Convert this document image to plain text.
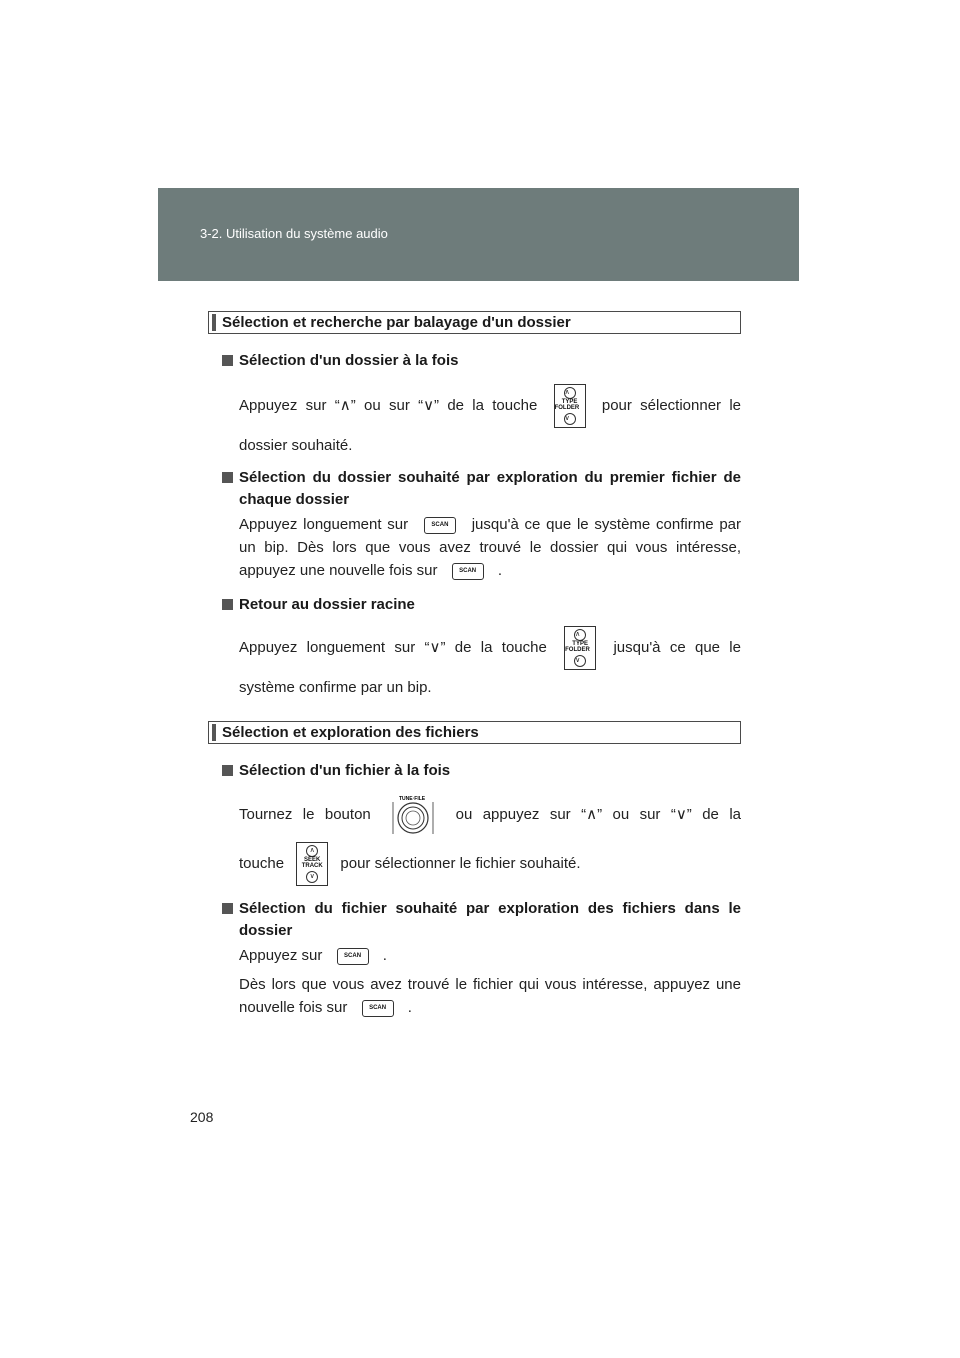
3-2. Utilisation du système audio
Sélection et recherche par balayage d'un dossier
Sélection d'un dossier à la fois
Appuyez sur “∧” ou sur “∨” de la touche
∧
TYPE FOLDER
∨
pour sélectionner le
dossier souhaité.
Sélection du dossier souhaité par exploration du premier fichier de chaque dossier
Appuyez longuement sur	SCAN jusqu'à ce que le système confirme par un bip. Dès lors que vous avez trouvé le dossier qui vous intéresse, appuyez une nouvelle fois sur	SCAN .
Retour au dossier racine
Appuyez longuement sur “∨” de la touche
∧
TYPE FOLDER
∨
jusqu'à ce que le
système confirme par un bip.
Sélection et exploration des fichiers
Sélection d'un fichier à la fois
Tournez le bouton
TUNE·FILE
ou appuyez sur “∧” ou sur “∨” de la
touche
∧
SEEK TRACK
∨
pour sélectionner le fichier souhaité.
Sélection du fichier souhaité par exploration des fichiers dans le dossier
Appuyez sur	SCAN .
Dès lors que vous avez trouvé le fichier qui vous intéresse, appuyez une nouvelle fois sur	SCAN .
208
